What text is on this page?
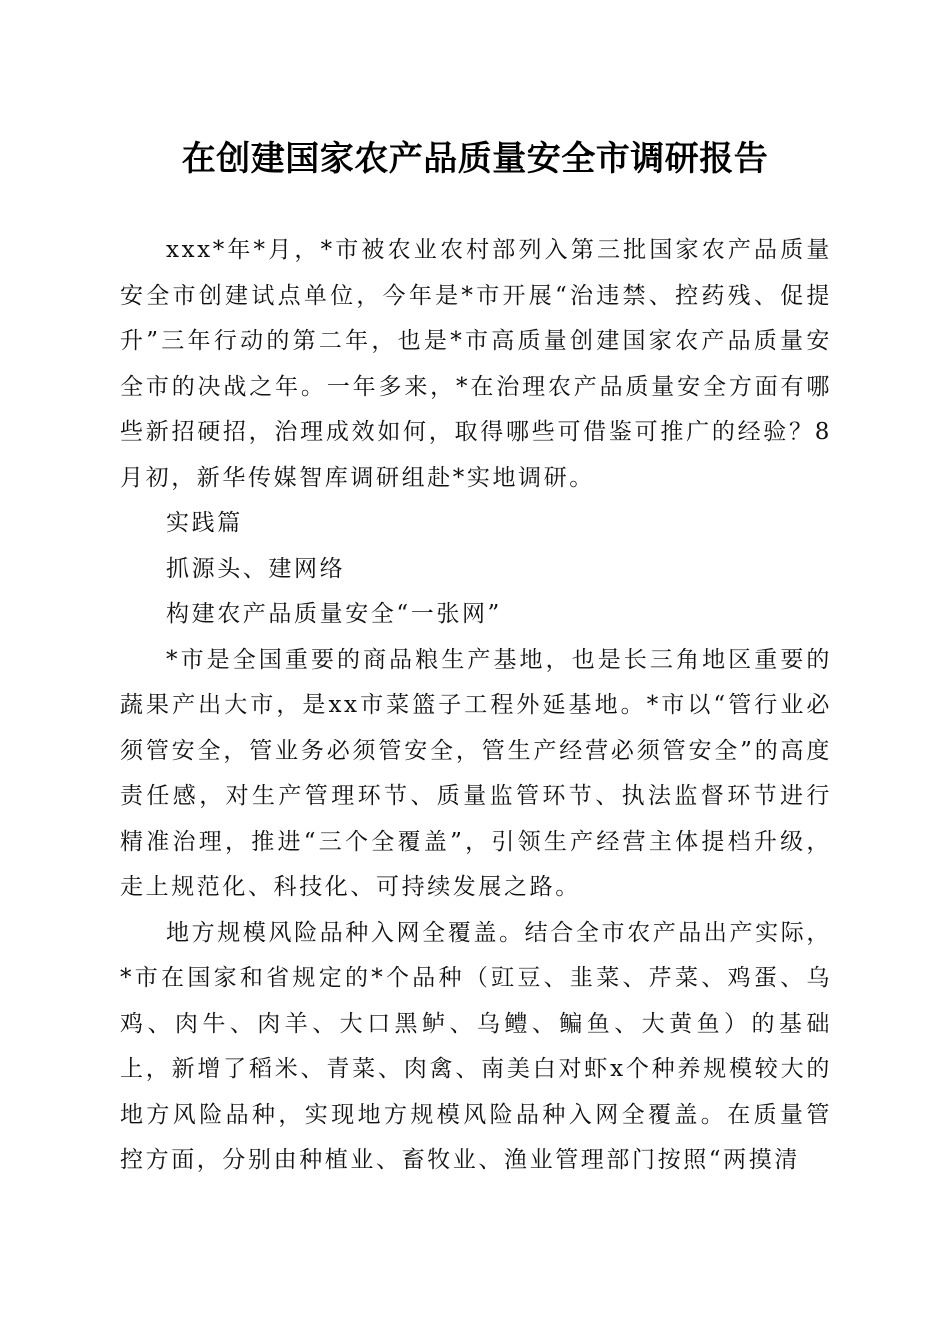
在创建国家农产品质量安全市调研报告

xxx*年*月，*市被农业农村部列入第三批国家农产品质量安全市创建试点单位，今年是*市开展“治违禁、控药残、促提升”三年行动的第二年，也是*市高质量创建国家农产品质量安全市的决战之年。一年多来，*在治理农产品质量安全方面有哪些新招硬招，治理成效如何，取得哪些可借鉴可推广的经验？8月初，新华传媒智库调研组赴*实地调研。

实践篇

抓源头、建网络

构建农产品质量安全“一张网”

*市是全国重要的商品粮生产基地，也是长三角地区重要的蔬果产出大市，是xx市菜篮子工程外延基地。*市以“管行业必须管安全，管业务必须管安全，管生产经营必须管安全”的高度责任感，对生产管理环节、质量监管环节、执法监督环节进行精准治理，推进“三个全覆盖”，引领生产经营主体提档升级，走上规范化、科技化、可持续发展之路。

地方规模风险品种入网全覆盖。结合全市农产品出产实际，*市在国家和省规定的*个品种（豇豆、韭菜、芹菜、鸡蛋、乌鸡、肉牛、肉羊、大口黑鲈、乌鳢、鳊鱼、大黄鱼）的基础上，新增了稻米、青菜、肉禽、南美白对虾x个种养规模较大的地方风险品种，实现地方规模风险品种入网全覆盖。在质量管控方面，分别由种植业、畜牧业、渔业管理部门按照“两摸清
